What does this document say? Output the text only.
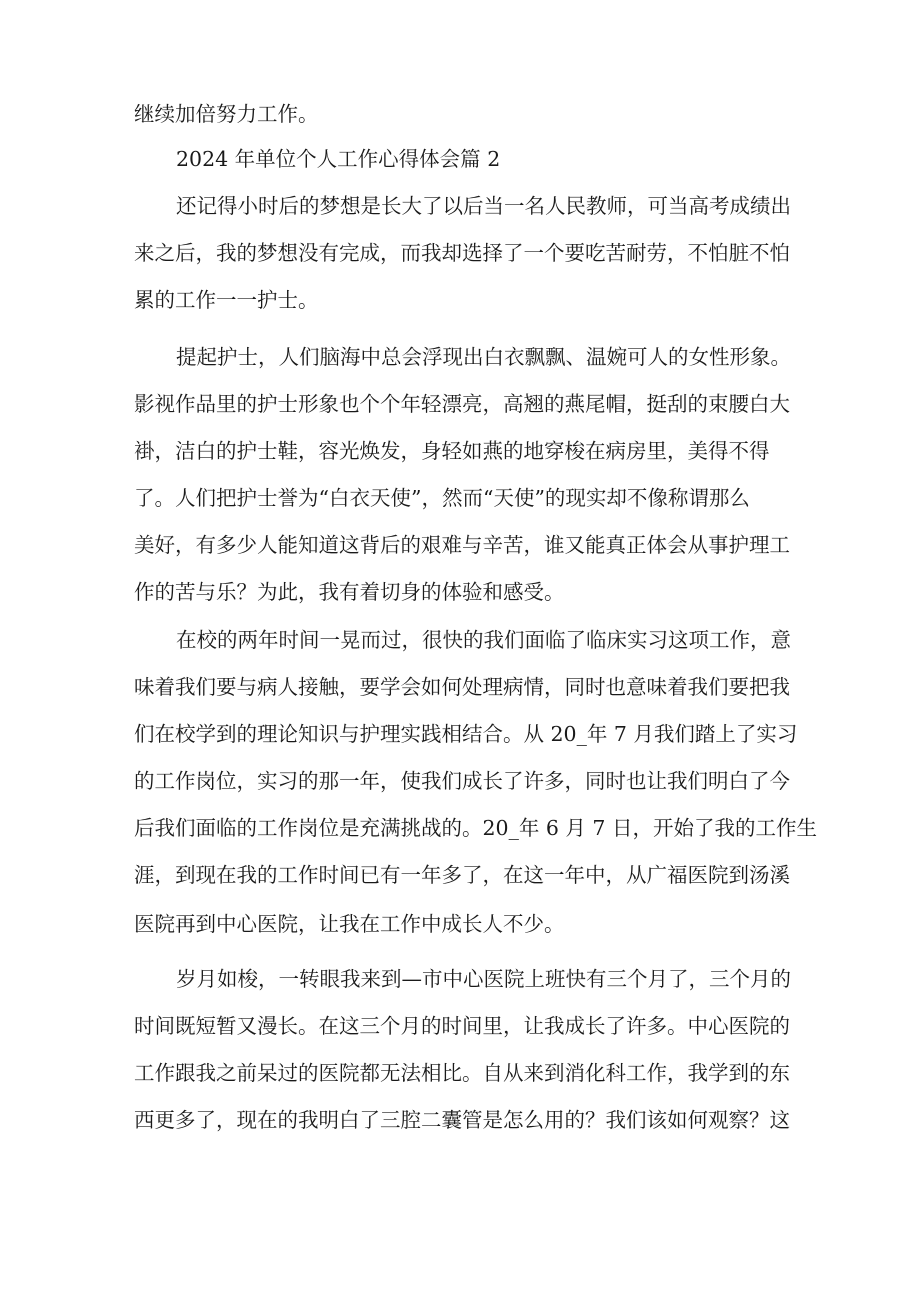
继续加倍努力工作。
2024 年单位个人工作心得体会篇 2
还记得小时后的梦想是长大了以后当一名人民教师，可当高考成绩出
来之后，我的梦想没有完成，而我却选择了一个要吃苦耐劳，不怕脏不怕
累的工作一一护士。
提起护士，人们脑海中总会浮现出白衣飘飘、温婉可人的女性形象。
影视作品里的护士形象也个个年轻漂亮，高翘的燕尾帽，挺刮的束腰白大
褂，洁白的护士鞋，容光焕发，身轻如燕的地穿梭在病房里，美得不得
了。人们把护士誉为“白衣天使”，然而“天使”的现实却不像称谓那么
美好，有多少人能知道这背后的艰难与辛苦，谁又能真正体会从事护理工
作的苦与乐？为此，我有着切身的体验和感受。
在校的两年时间一晃而过，很快的我们面临了临床实习这项工作，意
味着我们要与病人接触，要学会如何处理病情，同时也意味着我们要把我
们在校学到的理论知识与护理实践相结合。从 20_年 7 月我们踏上了实习
的工作岗位，实习的那一年，使我们成长了许多，同时也让我们明白了今
后我们面临的工作岗位是充满挑战的。20_年 6 月 7 日，开始了我的工作生
涯，到现在我的工作时间已有一年多了，在这一年中，从广福医院到汤溪
医院再到中心医院，让我在工作中成长人不少。
岁月如梭，一转眼我来到—市中心医院上班快有三个月了，三个月的
时间既短暂又漫长。在这三个月的时间里，让我成长了许多。中心医院的
工作跟我之前呆过的医院都无法相比。自从来到消化科工作，我学到的东
西更多了，现在的我明白了三腔二囊管是怎么用的？我们该如何观察？这
